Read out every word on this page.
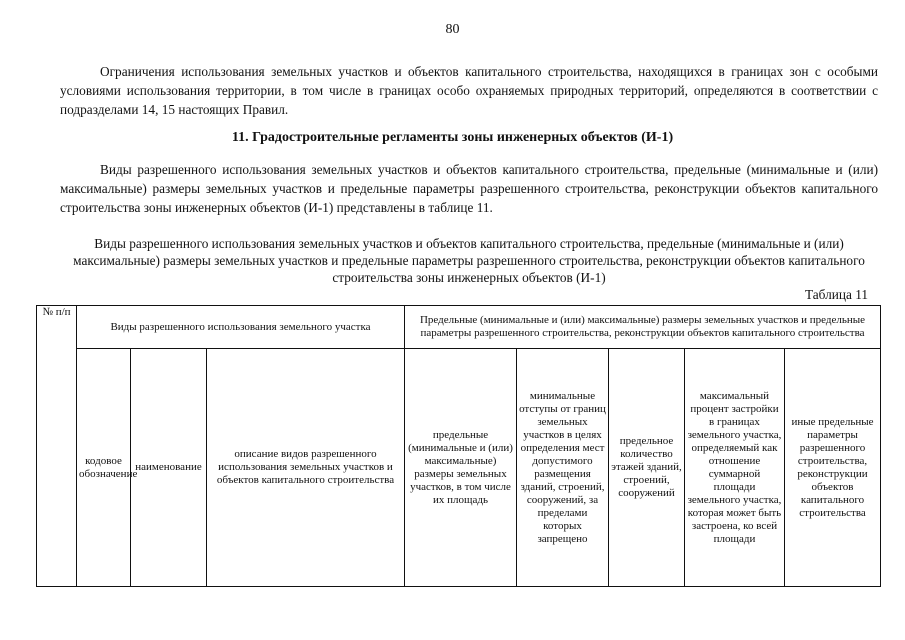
80

Ограничения использования земельных участков и объектов капитального строительства, находящихся в границах зон с особыми условиями использования территории, в том числе в границах особо охраняемых природных территорий, определяются в соответствии с подразделами 14, 15 настоящих Правил.

11. Градостроительные регламенты зоны инженерных объектов (И-1)

Виды разрешенного использования земельных участков и объектов капитального строительства, предельные (минимальные и (или) максимальные) размеры земельных участков и предельные параметры разрешенного строительства, реконструкции объектов капитального строительства зоны инженерных объектов (И-1) представлены в таблице 11.

Виды разрешенного использования земельных участков и объектов капитального строительства, предельные (минимальные и (или) максимальные) размеры земельных участков и предельные параметры разрешенного строительства, реконструкции объектов капитального строительства зоны инженерных объектов (И-1)

Таблица 11

№ п/п	Виды разрешенного использования земельного участка			Предельные (минимальные и (или) максимальные) размеры земельных участков и предельные параметры разрешенного строительства, реконструкции объектов капитального строительства				
	кодовое обозначение	наименование	описание видов разрешенного использования земельных участков и объектов капитального строительства	предельные (минимальные и (или) максимальные) размеры земельных участков, в том числе их площадь	минимальные отступы от границ земельных участков в целях определения мест допустимого размещения зданий, строений, сооружений, за пределами которых запрещено	предельное количество этажей зданий, строений, сооружений	максимальный процент застройки в границах земельного участка, определяемый как отношение суммарной площади земельного участка, которая может быть застроена, ко всей площади	иные предельные параметры разрешенного строительства, реконструкции объектов капитального строительства
